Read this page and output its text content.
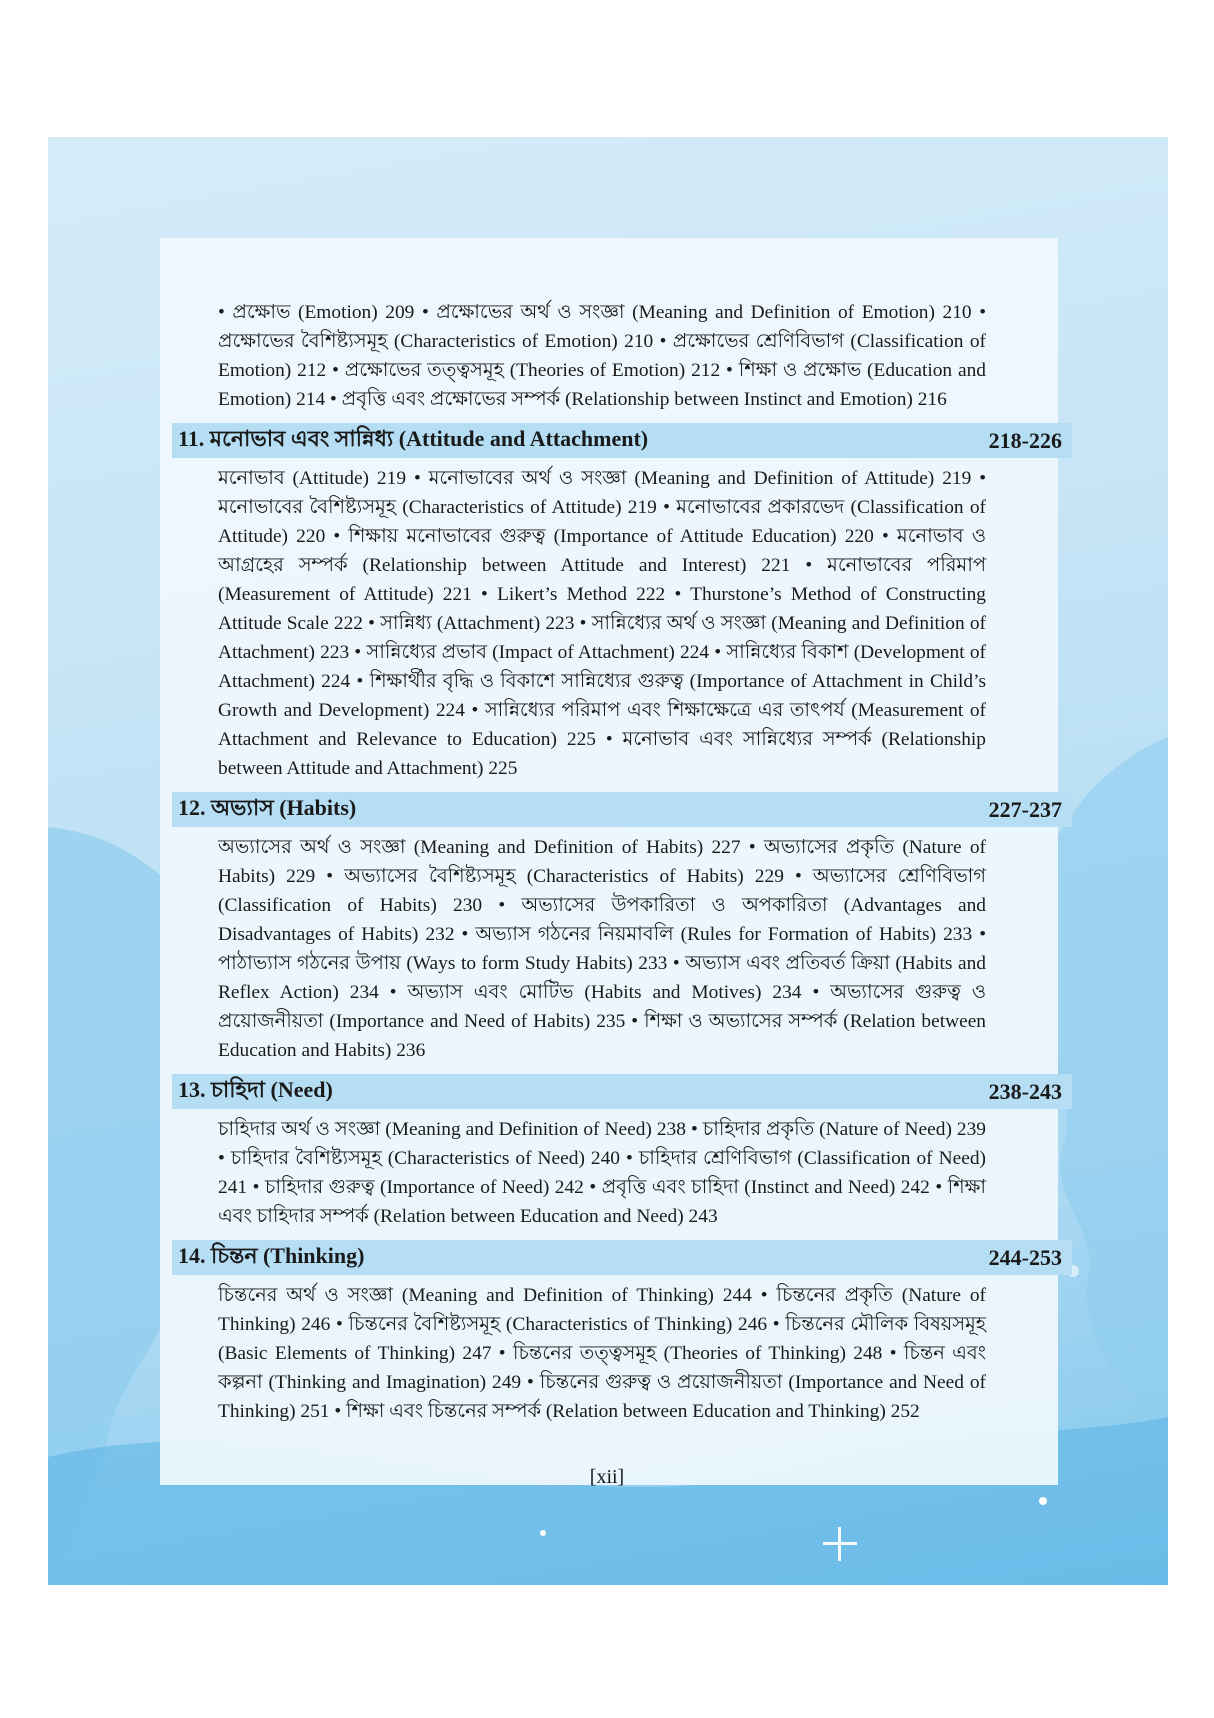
• প্রক্ষোভ (Emotion) 209 • প্রক্ষোভের অর্থ ও সংজ্ঞা (Meaning and Definition of Emotion) 210 • প্রক্ষোভের বৈশিষ্ট্যসমূহ (Characteristics of Emotion) 210 • প্রক্ষোভের শ্রেণিবিভাগ (Classification of Emotion) 212 • প্রক্ষোভের তত্ত্বসমূহ (Theories of Emotion) 212 • শিক্ষা ও প্রক্ষোভ (Education and Emotion) 214 • প্রবৃত্তি এবং প্রক্ষোভের সম্পর্ক (Relationship between Instinct and Emotion) 216
11. মনোভাব এবং সান্নিধ্য (Attitude and Attachment)	218-226
মনোভাব (Attitude) 219 • মনোভাবের অর্থ ও সংজ্ঞা (Meaning and Definition of Attitude) 219 • মনোভাবের বৈশিষ্ট্যসমূহ (Characteristics of Attitude) 219 • মনোভাবের প্রকারভেদ (Classification of Attitude) 220 • শিক্ষায় মনোভাবের গুরুত্ব (Importance of Attitude Education) 220 • মনোভাব ও আগ্রহের সম্পর্ক (Relationship between Attitude and Interest) 221 • মনোভাবের পরিমাপ (Measurement of Attitude) 221 • Likert’s Method 222 • Thurstone’s Method of Constructing Attitude Scale 222 • সান্নিধ্য (Attachment) 223 • সান্নিধ্যের অর্থ ও সংজ্ঞা (Meaning and Definition of Attachment) 223 • সান্নিধ্যের প্রভাব (Impact of Attachment) 224 • সান্নিধ্যের বিকাশ (Development of Attachment) 224 • শিক্ষার্থীর বৃদ্ধি ও বিকাশে সান্নিধ্যের গুরুত্ব (Importance of Attachment in Child’s Growth and Development) 224 • সান্নিধ্যের পরিমাপ এবং শিক্ষাক্ষেত্রে এর তাৎপর্য (Measurement of Attachment and Relevance to Education) 225 • মনোভাব এবং সান্নিধ্যের সম্পর্ক (Relationship between Attitude and Attachment) 225
12. অভ্যাস (Habits)	227-237
অভ্যাসের অর্থ ও সংজ্ঞা (Meaning and Definition of Habits) 227 • অভ্যাসের প্রকৃতি (Nature of Habits) 229 • অভ্যাসের বৈশিষ্ট্যসমূহ (Characteristics of Habits) 229 • অভ্যাসের শ্রেণিবিভাগ (Classification of Habits) 230 • অভ্যাসের উপকারিতা ও অপকারিতা (Advantages and Disadvantages of Habits) 232 • অভ্যাস গঠনের নিয়মাবলি (Rules for Formation of Habits) 233 • পাঠাভ্যাস গঠনের উপায় (Ways to form Study Habits) 233 • অভ্যাস এবং প্রতিবর্ত ক্রিয়া (Habits and Reflex Action) 234 • অভ্যাস এবং মোটিভ (Habits and Motives) 234 • অভ্যাসের গুরুত্ব ও প্রয়োজনীয়তা (Importance and Need of Habits) 235 • শিক্ষা ও অভ্যাসের সম্পর্ক (Relation between Education and Habits) 236
13. চাহিদা (Need)	238-243
চাহিদার অর্থ ও সংজ্ঞা (Meaning and Definition of Need) 238 • চাহিদার প্রকৃতি (Nature of Need) 239 • চাহিদার বৈশিষ্ট্যসমূহ (Characteristics of Need) 240 • চাহিদার শ্রেণিবিভাগ (Classification of Need) 241 • চাহিদার গুরুত্ব (Importance of Need) 242 • প্রবৃত্তি এবং চাহিদা (Instinct and Need) 242 • শিক্ষা এবং চাহিদার সম্পর্ক (Relation between Education and Need) 243
14. চিন্তন (Thinking)	244-253
চিন্তনের অর্থ ও সংজ্ঞা (Meaning and Definition of Thinking) 244 • চিন্তনের প্রকৃতি (Nature of Thinking) 246 • চিন্তনের বৈশিষ্ট্যসমূহ (Characteristics of Thinking) 246 • চিন্তনের মৌলিক বিষয়সমূহ (Basic Elements of Thinking) 247 • চিন্তনের তত্ত্বসমূহ (Theories of Thinking) 248 • চিন্তন এবং কল্পনা (Thinking and Imagination) 249 • চিন্তনের গুরুত্ব ও প্রয়োজনীয়তা (Importance and Need of Thinking) 251 • শিক্ষা এবং চিন্তনের সম্পর্ক (Relation between Education and Thinking) 252
[xii]
